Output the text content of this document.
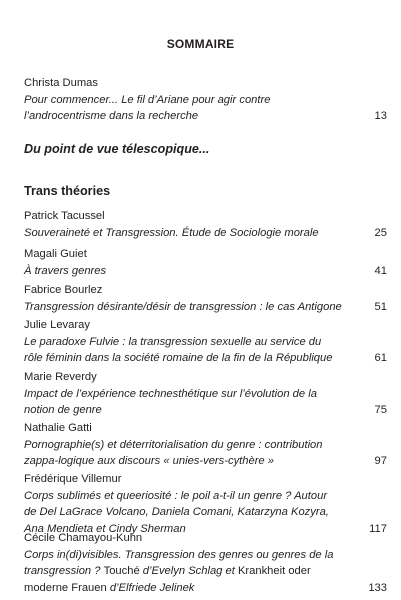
SOMMAIRE
Christa Dumas
Pour commencer... Le fil d’Ariane pour agir contre
l’androcentrisme dans la recherche	13
Du point de vue télescopique...
Trans théories
Patrick Tacussel
Souveraineté et Transgression. Étude de Sociologie morale	25
Magali Guiet
À travers genres	41
Fabrice Bourlez
Transgression désirante/désir de transgression : le cas Antigone	51
Julie Levaray
Le paradoxe Fulvie : la transgression sexuelle au service du
rôle féminin dans la société romaine de la fin de la République	61
Marie Reverdy
Impact de l’expérience technesthétique sur l’évolution de la
notion de genre	75
Nathalie Gatti
Pornographie(s) et déterritorialisation du genre : contribution
zappa-logique aux discours « unies-vers-cythère »	97
Frédérique Villemur
Corps sublimés et queeriosité : le poil a-t-il un genre ? Autour
de Del LaGrace Volcano, Daniela Comani, Katarzyna Kozyra,
Ana Mendieta et Cindy Sherman	117
Cécile Chamayou-Kuhn
Corps in(di)visibles. Transgression des genres ou genres de la
transgression ? Touché d’Evelyn Schlag et Krankheit oder
moderne Frauen d’Elfriede Jelinek	133
